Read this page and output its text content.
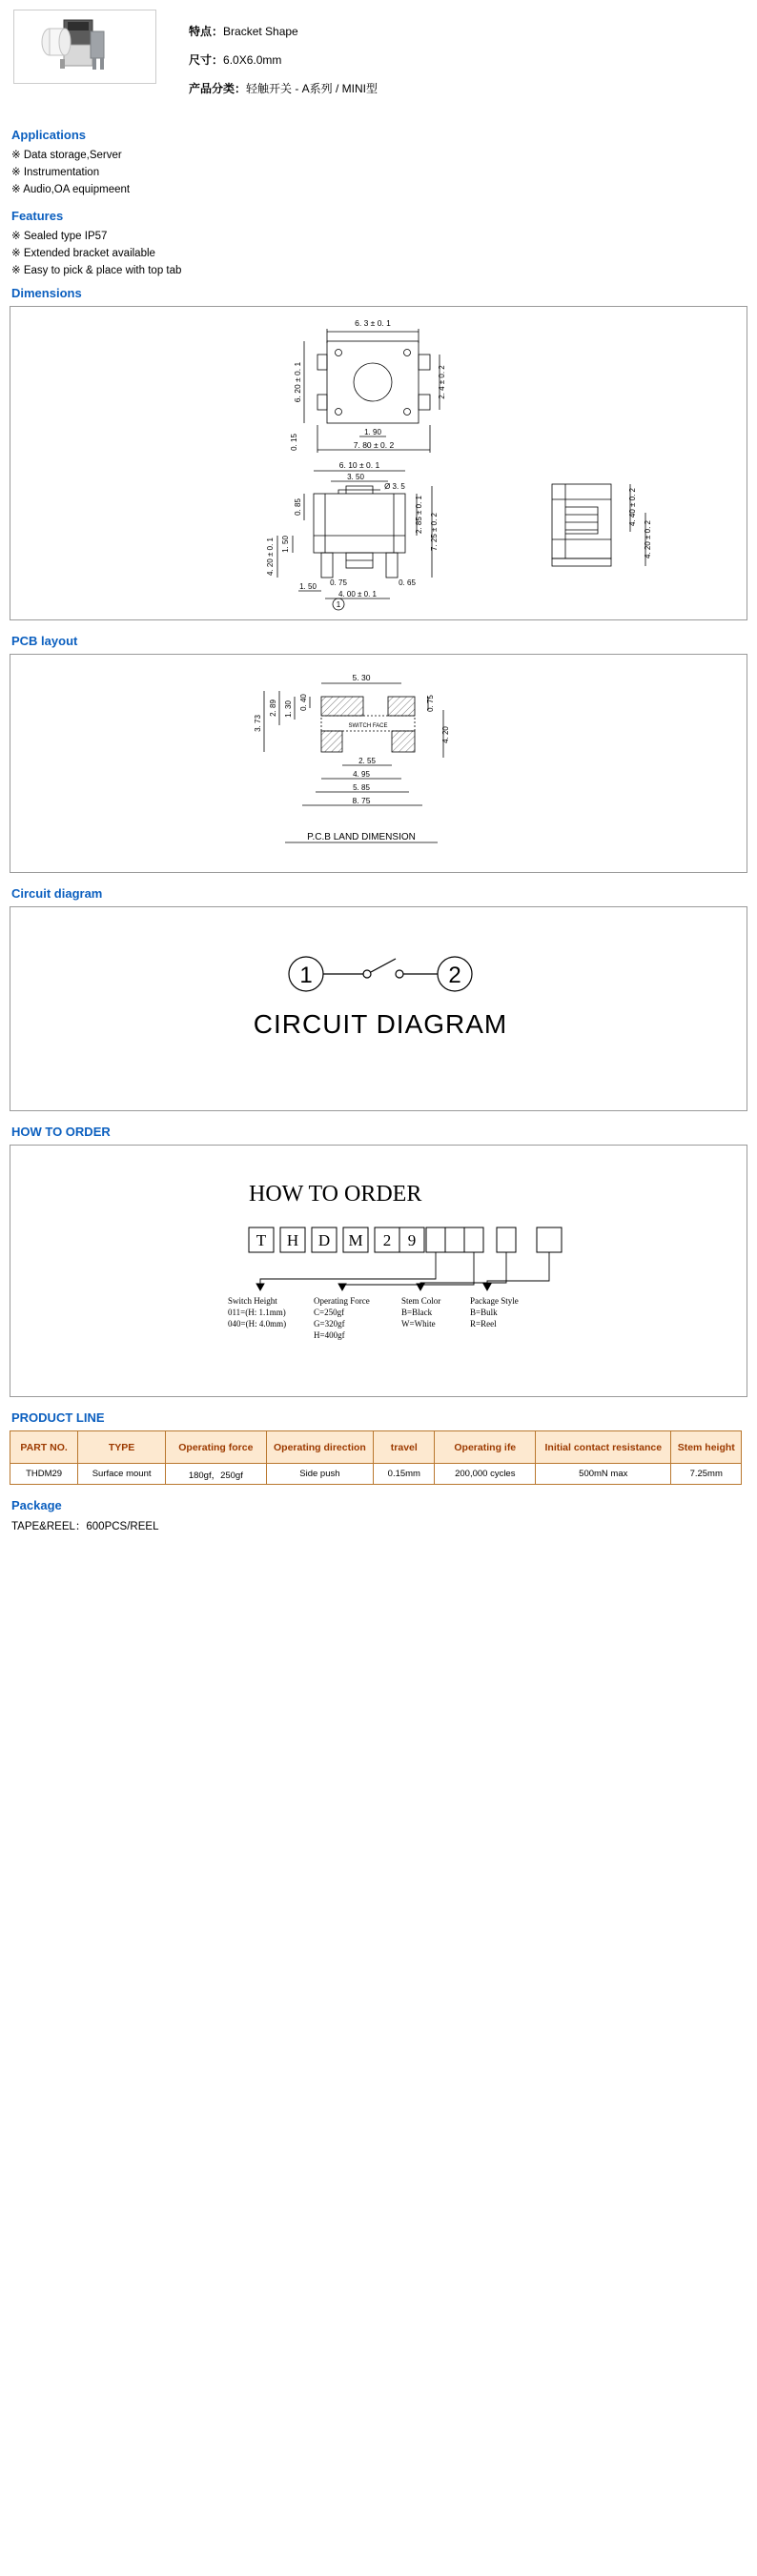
特点：Bracket Shape
尺寸：6.0X6.0mm
产品分类：轻触开关 - A系列 / MINI型
Applications
※ Data storage,Server
※ Instrumentation
※ Audio,OA equipmeent
Features
※ Sealed type IP57
※ Extended bracket available
※ Easy to pick & place with top tab
Dimensions
6. 3 ± 0. 1
6. 20 ± 0. 1	2. 4 ± 0. 2
1. 90
7. 80 ± 0. 2
0. 15
6. 10 ± 0. 1
3. 50
Ø 3. 5
0. 85
1. 50
4. 20 ± 0. 1
2. 85 ± 0. 1 7. 25 ± 0. 2
1. 50 0. 75
4. 00 ± 0. 1
0. 65
1
4. 40 ± 0. 2
4. 20 ± 0. 2
PCB layout
SWITCH FACE
5. 30
0. 40
1. 30
2. 89
3. 73
0. 75
4. 20
2. 55
4. 95
5. 85
8. 75
P.C.B LAND DIMENSION
Circuit diagram
1	2
CIRCUIT DIAGRAM
HOW TO ORDER
HOW TO ORDER
T H D M 2 9
Switch Height
011=(H: 1.1mm)
040=(H: 4.0mm)
Operating Force
C=250gf
G=320gf
H=400gf
Stem Color
B=Black
W=White
Package Style
B=Bulk
R=Reel
PRODUCT LINE
PART NO.	TYPE	Operating force	Operating direction	travel	Operating ife	Initial contact resistance	Stem height
THDM29	Surface mount	180gf，250gf	Side push	0.15mm	200,000 cycles	500mN max	7.25mm
Package
TAPE&REEL：600PCS/REEL
